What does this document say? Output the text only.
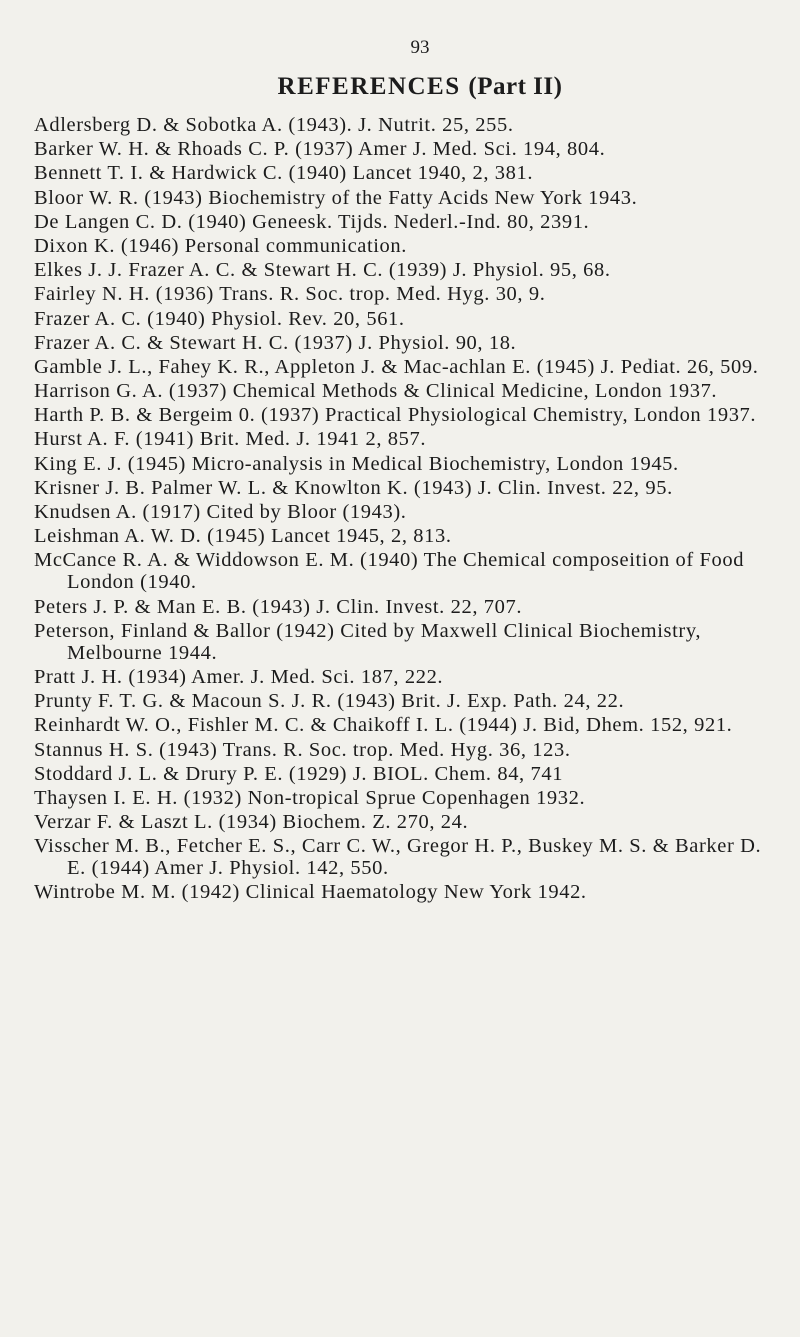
93
REFERENCES (Part II)
Adlersberg D. & Sobotka A. (1943). J. Nutrit. 25, 255.
Barker W. H. & Rhoads C. P. (1937) Amer J. Med. Sci. 194, 804.
Bennett T. I. & Hardwick C. (1940) Lancet 1940, 2, 381.
Bloor W. R. (1943) Biochemistry of the Fatty Acids New York 1943.
De Langen C. D. (1940) Geneesk. Tijds. Nederl.-Ind. 80, 2391.
Dixon K. (1946) Personal communication.
Elkes J. J. Frazer A. C. & Stewart H. C. (1939) J. Physiol. 95, 68.
Fairley N. H. (1936) Trans. R. Soc. trop. Med. Hyg. 30, 9.
Frazer A. C. (1940) Physiol. Rev. 20, 561.
Frazer A. C. & Stewart H. C. (1937) J. Physiol. 90, 18.
Gamble J. L., Fahey K. R., Appleton J. & Mac-achlan E. (1945) J. Pediat. 26, 509.
Harrison G. A. (1937) Chemical Methods & Clinical Medicine, London 1937.
Harth P. B. & Bergeim 0. (1937) Practical Physiological Chemistry, London 1937.
Hurst A. F. (1941) Brit. Med. J. 1941 2, 857.
King E. J. (1945) Micro-analysis in Medical Biochemistry, London 1945.
Krisner J. B. Palmer W. L. & Knowlton K. (1943) J. Clin. Invest. 22, 95.
Knudsen A. (1917) Cited by Bloor (1943).
Leishman A. W. D. (1945) Lancet 1945, 2, 813.
McCance R. A. & Widdowson E. M. (1940) The Chemical composeition of Food London (1940.
Peters J. P. & Man E. B. (1943) J. Clin. Invest. 22, 707.
Peterson, Finland & Ballor (1942) Cited by Maxwell Clinical Biochemistry, Melbourne 1944.
Pratt J. H. (1934) Amer. J. Med. Sci. 187, 222.
Prunty F. T. G. & Macoun S. J. R. (1943) Brit. J. Exp. Path. 24, 22.
Reinhardt W. O., Fishler M. C. & Chaikoff I. L. (1944) J. Bid, Dhem. 152, 921.
Stannus H. S. (1943) Trans. R. Soc. trop. Med. Hyg. 36, 123.
Stoddard J. L. & Drury P. E. (1929) J. BIOL. Chem. 84, 741
Thaysen I. E. H. (1932) Non-tropical Sprue Copenhagen 1932.
Verzar F. & Laszt L. (1934) Biochem. Z. 270, 24.
Visscher M. B., Fetcher E. S., Carr C. W., Gregor H. P., Buskey M. S. & Barker D. E. (1944) Amer J. Physiol. 142, 550.
Wintrobe M. M. (1942) Clinical Haematology New York 1942.
